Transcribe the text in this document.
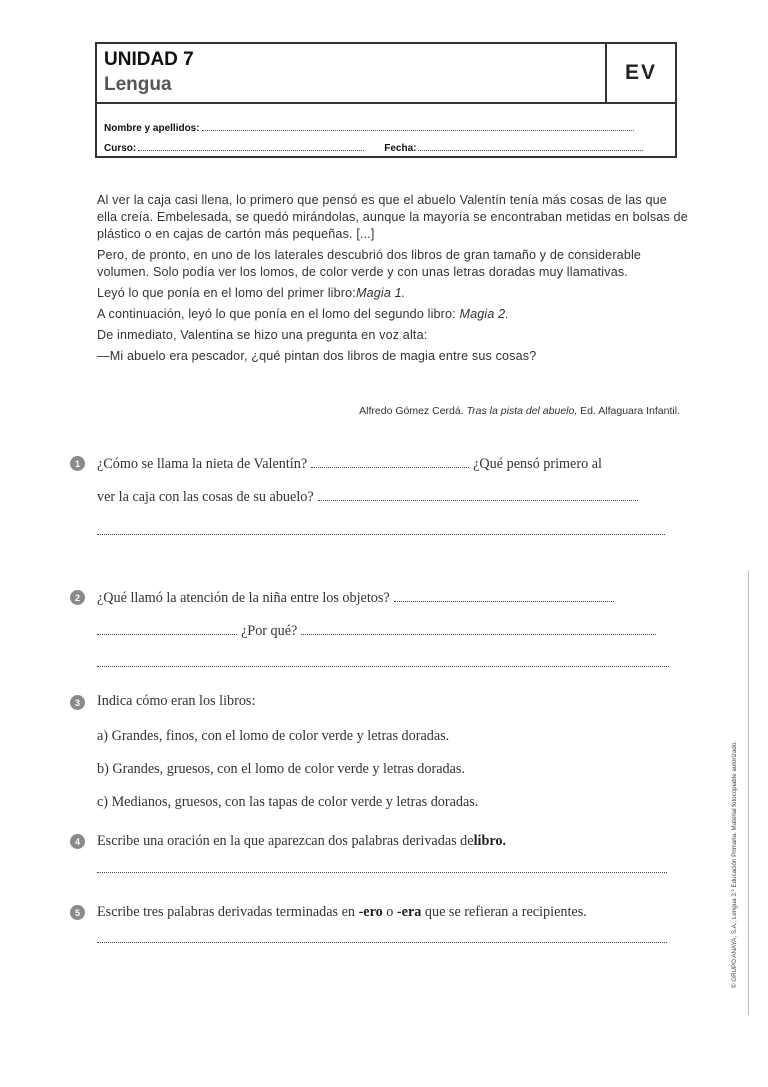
UNIDAD 7
Lengua
EV
Nombre y apellidos:
Curso:	Fecha:

Al ver la caja casi llena, lo primero que pensó es que el abuelo Valentín tenía más cosas de las que ella creía. Embelesada, se quedó mirándolas, aunque la mayoría se encontraban metidas en bolsas de plástico o en cajas de cartón más pequeñas. [...]

Pero, de pronto, en uno de los laterales descubrió dos libros de gran tamaño y de considerable volumen. Solo podía ver los lomos, de color verde y con unas letras doradas muy llamativas.

Leyó lo que ponía en el lomo del primer libro:Magia 1.

A continuación, leyó lo que ponía en el lomo del segundo libro: Magia 2.

De inmediato, Valentina se hizo una pregunta en voz alta:

—Mi abuelo era pescador, ¿qué pintan dos libros de magia entre sus cosas?

Alfredo Gómez Cerdá. Tras la pista del abuelo, Ed. Alfaguara Infantil.
1	¿Cómo se llama la nieta de Valentín?	¿Qué pensó primero al
ver la caja con las cosas de su abuelo?
2	¿Qué llamó la atención de la niña entre los objetos?
¿Por qué?
3	Indica cómo eran los libros:
a) Grandes, finos, con el lomo de color verde y letras doradas.
b) Grandes, gruesos, con el lomo de color verde y letras doradas.
c) Medianos, gruesos, con las tapas de color verde y letras doradas.
4	Escribe una oración en la que aparezcan dos palabras derivadas de libro.
5	Escribe tres palabras derivadas terminadas en
-ero
o
-era
que se refieran a recipientes.	© GRUPO ANAYA, S.A., Lengua 3.º Educación Primaria. Material fotocopiable autorizado.
